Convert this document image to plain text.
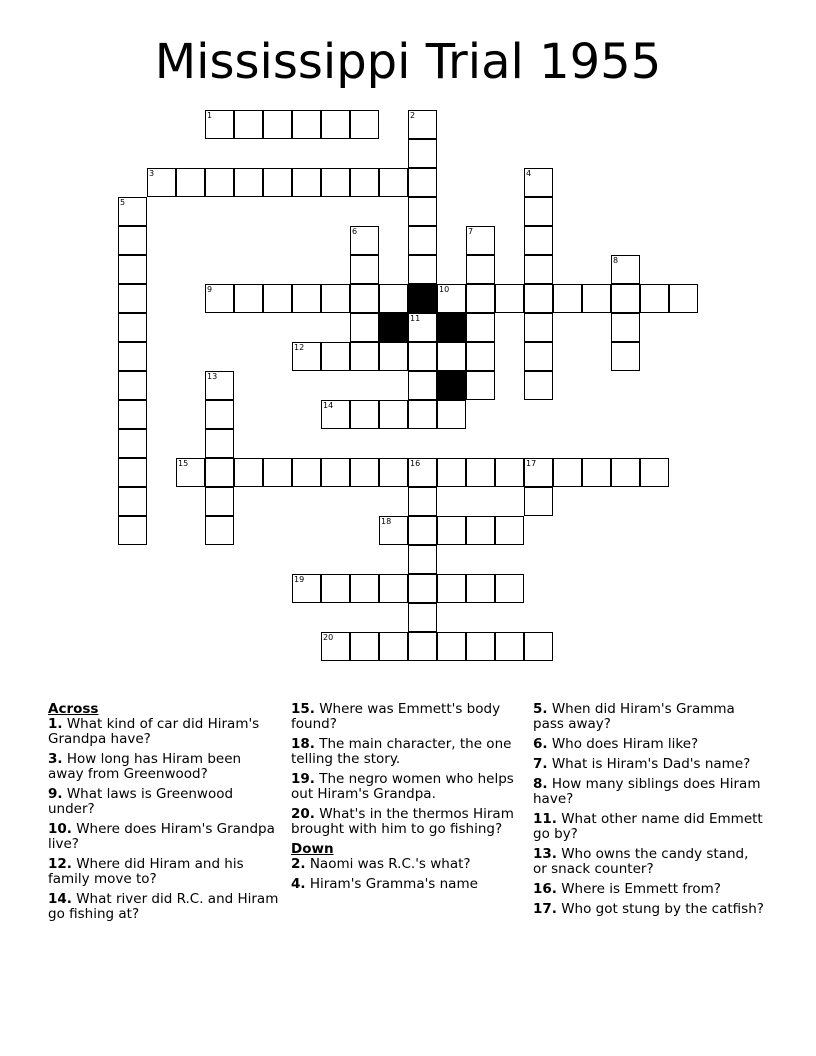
Mississippi Trial 1955
1	2
3	4
5
6	7
8
9	10
11
12
13
14
15	16	17
18
19
20
Across
1. What kind of car did Hiram's Grandpa have?
3. How long has Hiram been away from Greenwood?
9. What laws is Greenwood under?
10. Where does Hiram's Grandpa live?
12. Where did Hiram and his family move to?
14. What river did R.C. and Hiram go fishing at?
15. Where was Emmett's body found?
18. The main character, the one telling the story.
19. The negro women who helps out Hiram's Grandpa.
20. What's in the thermos Hiram brought with him to go fishing?
Down
2. Naomi was R.C.'s what?
4. Hiram's Gramma's name
5. When did Hiram's Gramma pass away?
6. Who does Hiram like?
7. What is Hiram's Dad's name?
8. How many siblings does Hiram have?
11. What other name did Emmett go by?
13. Who owns the candy stand, or snack counter?
16. Where is Emmett from?
17. Who got stung by the catfish?
